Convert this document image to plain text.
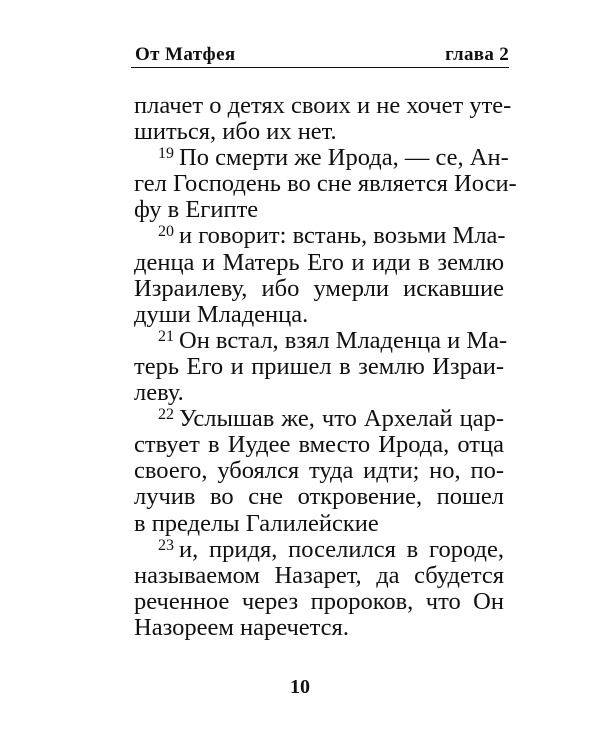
От Матфея	глава 2
плачет о детях своих и не хочет уте-
шиться, ибо их нет.
$^{19}$ По смерти же Ирода, — се, Ан-
гел Господень во сне является Иоси-
фу в Египте
$^{20}$ и говорит: встань, возьми Мла-
денца и Матерь Его и иди в землю
Израилеву, ибо умерли искавшие
души Младенца.
$^{21}$ Он встал, взял Младенца и Ма-
терь Его и пришел в землю Израи-
леву.
$^{22}$ Услышав же, что Архелай цар-
ствует в Иудее вместо Ирода, отца
своего, убоялся туда идти; но, по-
лучив во сне откровение, пошел
в пределы Галилейские
$^{23}$ и, придя, поселился в городе,
называемом Назарет, да сбудется
реченное через пророков, что Он
Назореем наречется.
10
